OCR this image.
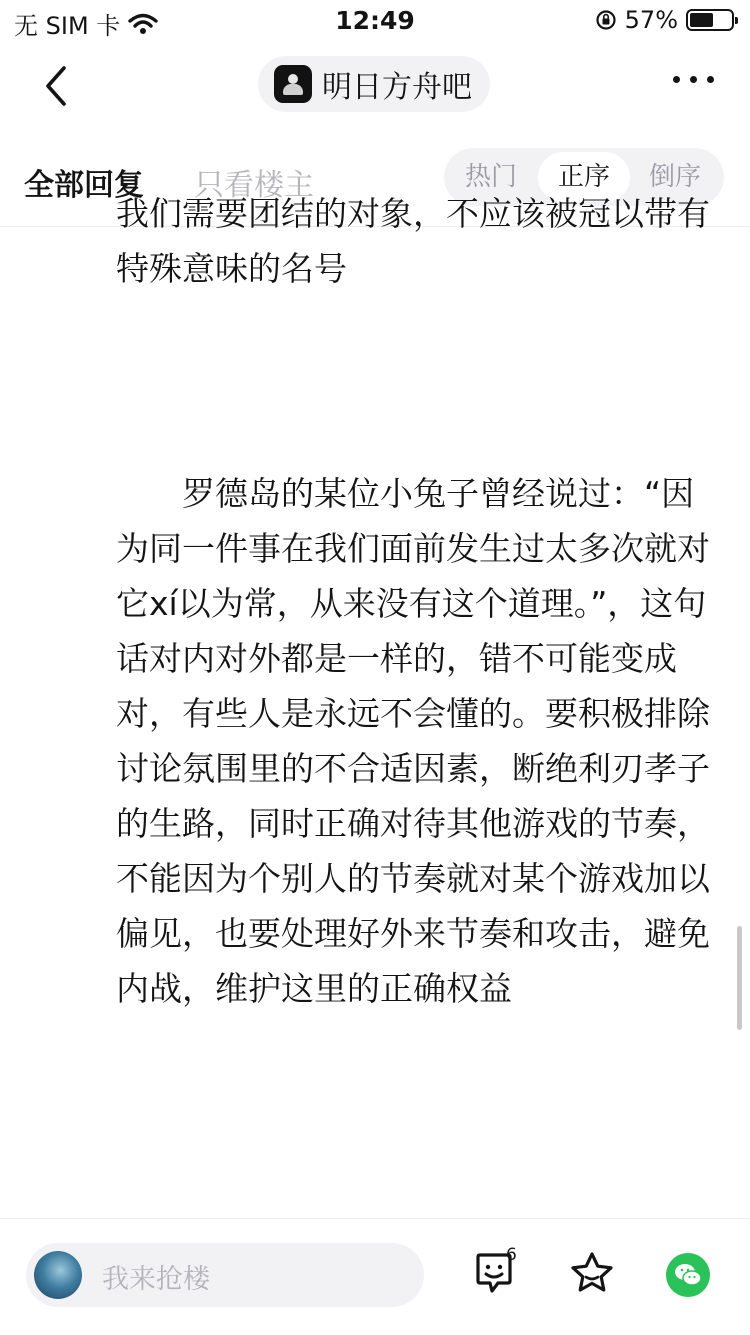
无 SIM 卡	12:49	57%
明日方舟吧
全部回复 只看楼主	热门	正序	倒序
我们需要团结的对象，不应该被冠以带有特殊意味的名号
　　罗德岛的某位小兔子曾经说过：“因为同一件事在我们面前发生过太多次就对它xí以为常，从来没有这个道理。”，这句话对内对外都是一样的，错不可能变成对，有些人是永远不会懂的。要积极排除讨论氛围里的不合适因素，断绝利刃孝子的生路，同时正确对待其他游戏的节奏，不能因为个别人的节奏就对某个游戏加以偏见，也要处理好外来节奏和攻击，避免内战，维护这里的正确权益
我来抢楼
6
